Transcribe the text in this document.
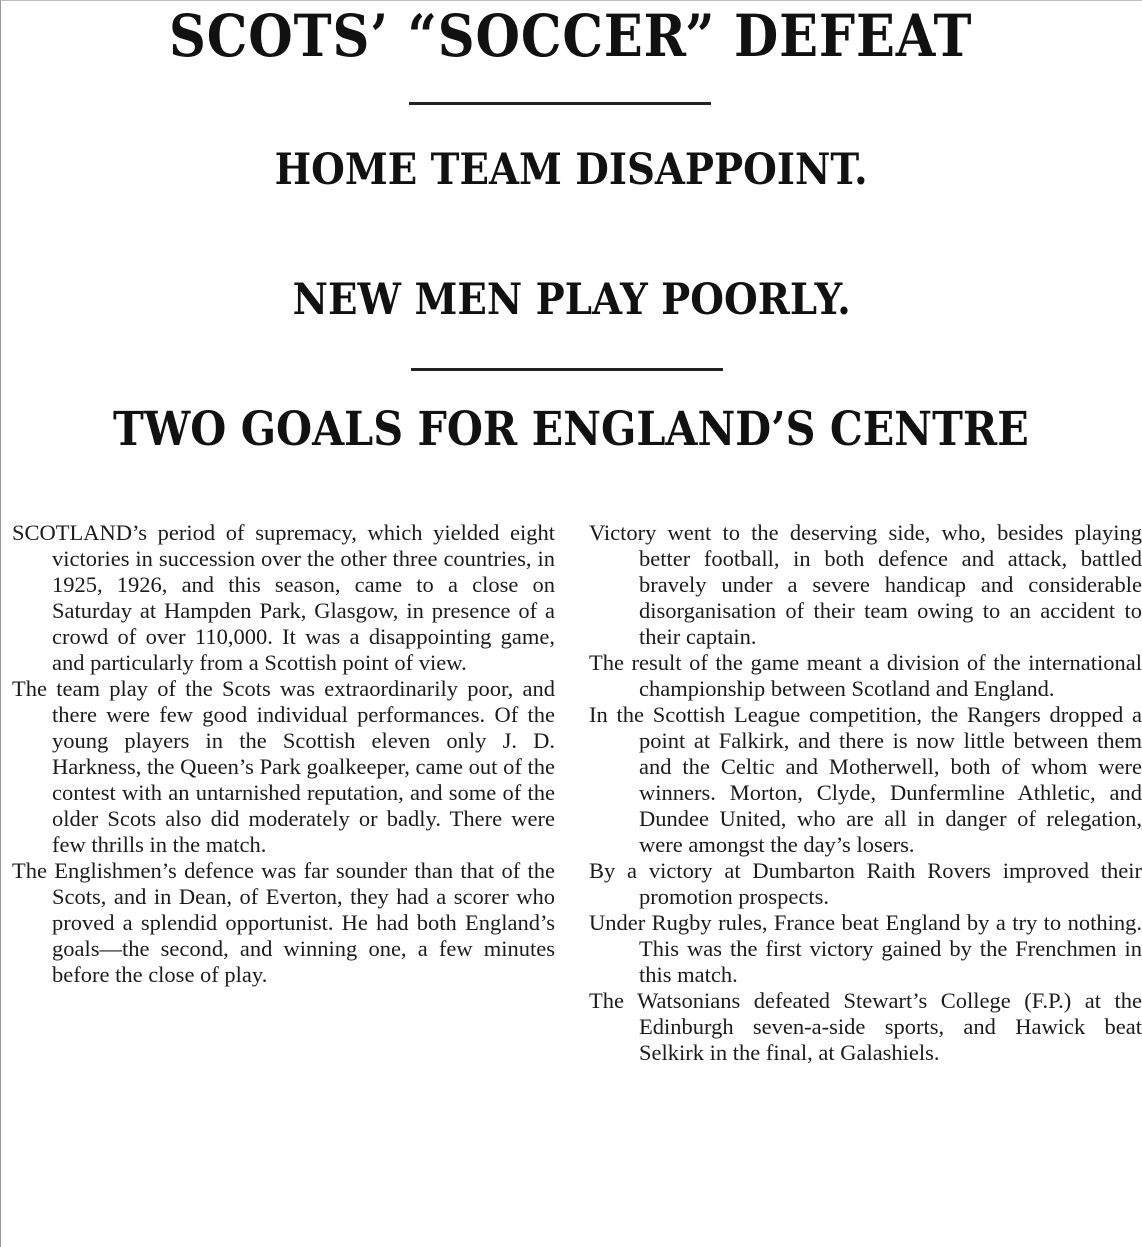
SCOTS’ “SOCCER” DEFEAT
HOME TEAM DISAPPOINT.
NEW MEN PLAY POORLY.
TWO GOALS FOR ENGLAND’S CENTRE

SCOTLAND’s period of supremacy, which yielded eight victories in succession over the other three countries, in 1925, 1926, and this season, came to a close on Saturday at Hampden Park, Glasgow, in presence of a crowd of over 110,000. It was a disappointing game, and particularly from a Scottish point of view.

The team play of the Scots was extraordinarily poor, and there were few good individual performances. Of the young players in the Scottish eleven only J. D. Harkness, the Queen’s Park goalkeeper, came out of the contest with an untarnished reputation, and some of the older Scots also did moderately or badly. There were few thrills in the match.

The Englishmen’s defence was far sounder than that of the Scots, and in Dean, of Everton, they had a scorer who proved a splendid opportunist. He had both England’s goals—the second, and winning one, a few minutes before the close of play.

Victory went to the deserving side, who, besides playing better football, in both defence and attack, battled bravely under a severe handicap and considerable disorganisation of their team owing to an accident to their captain.

The result of the game meant a division of the international championship between Scotland and England.

In the Scottish League competition, the Rangers dropped a point at Falkirk, and there is now little between them and the Celtic and Motherwell, both of whom were winners. Morton, Clyde, Dunfermline Athletic, and Dundee United, who are all in danger of relegation, were amongst the day’s losers.

By a victory at Dumbarton Raith Rovers improved their promotion prospects.

Under Rugby rules, France beat England by a try to nothing. This was the first victory gained by the Frenchmen in this match.

The Watsonians defeated Stewart’s College (F.P.) at the Edinburgh seven-a-side sports, and Hawick beat Selkirk in the final, at Galashiels.
